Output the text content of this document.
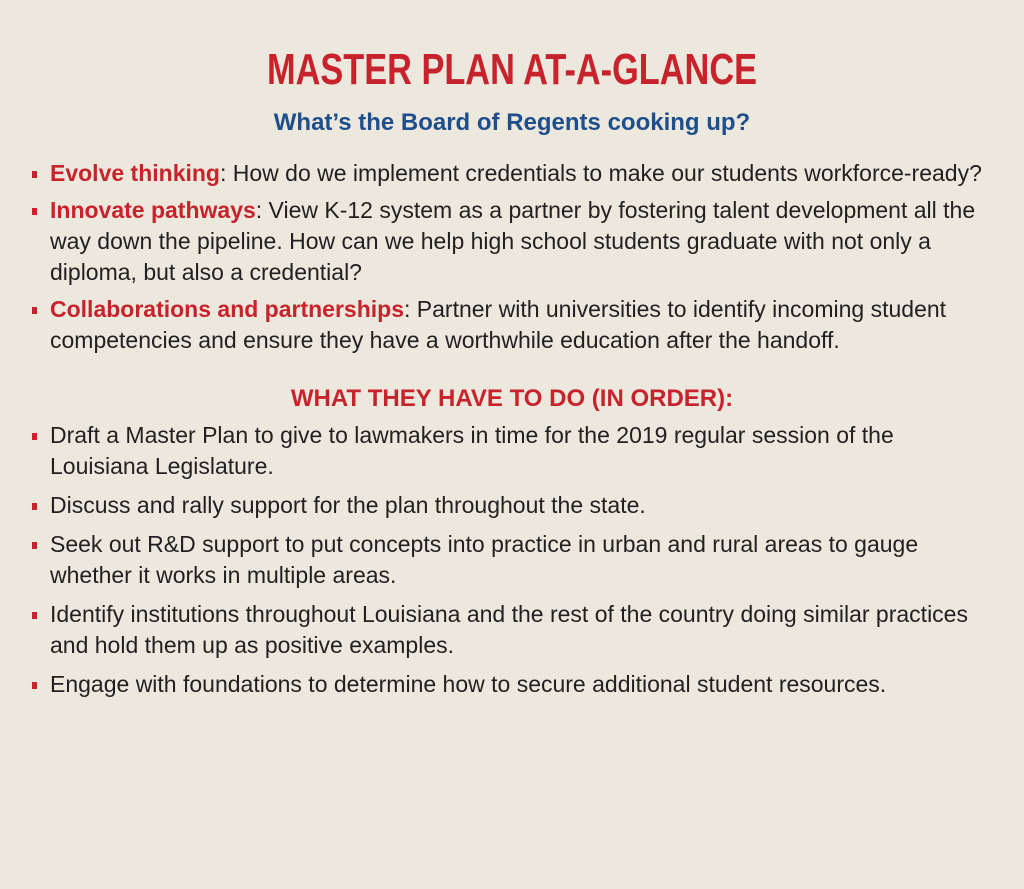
MASTER PLAN AT-A-GLANCE
What’s the Board of Regents cooking up?
Evolve thinking: How do we implement credentials to make our students workforce-ready?
Innovate pathways: View K-12 system as a partner by fostering talent development all the way down the pipeline. How can we help high school students graduate with not only a diploma, but also a credential?
Collaborations and partnerships: Partner with universities to identify incoming student competencies and ensure they have a worthwhile education after the handoff.
WHAT THEY HAVE TO DO (IN ORDER):
Draft a Master Plan to give to lawmakers in time for the 2019 regular session of the Louisiana Legislature.
Discuss and rally support for the plan throughout the state.
Seek out R&D support to put concepts into practice in urban and rural areas to gauge whether it works in multiple areas.
Identify institutions throughout Louisiana and the rest of the country doing similar practices and hold them up as positive examples.
Engage with foundations to determine how to secure additional student resources.
